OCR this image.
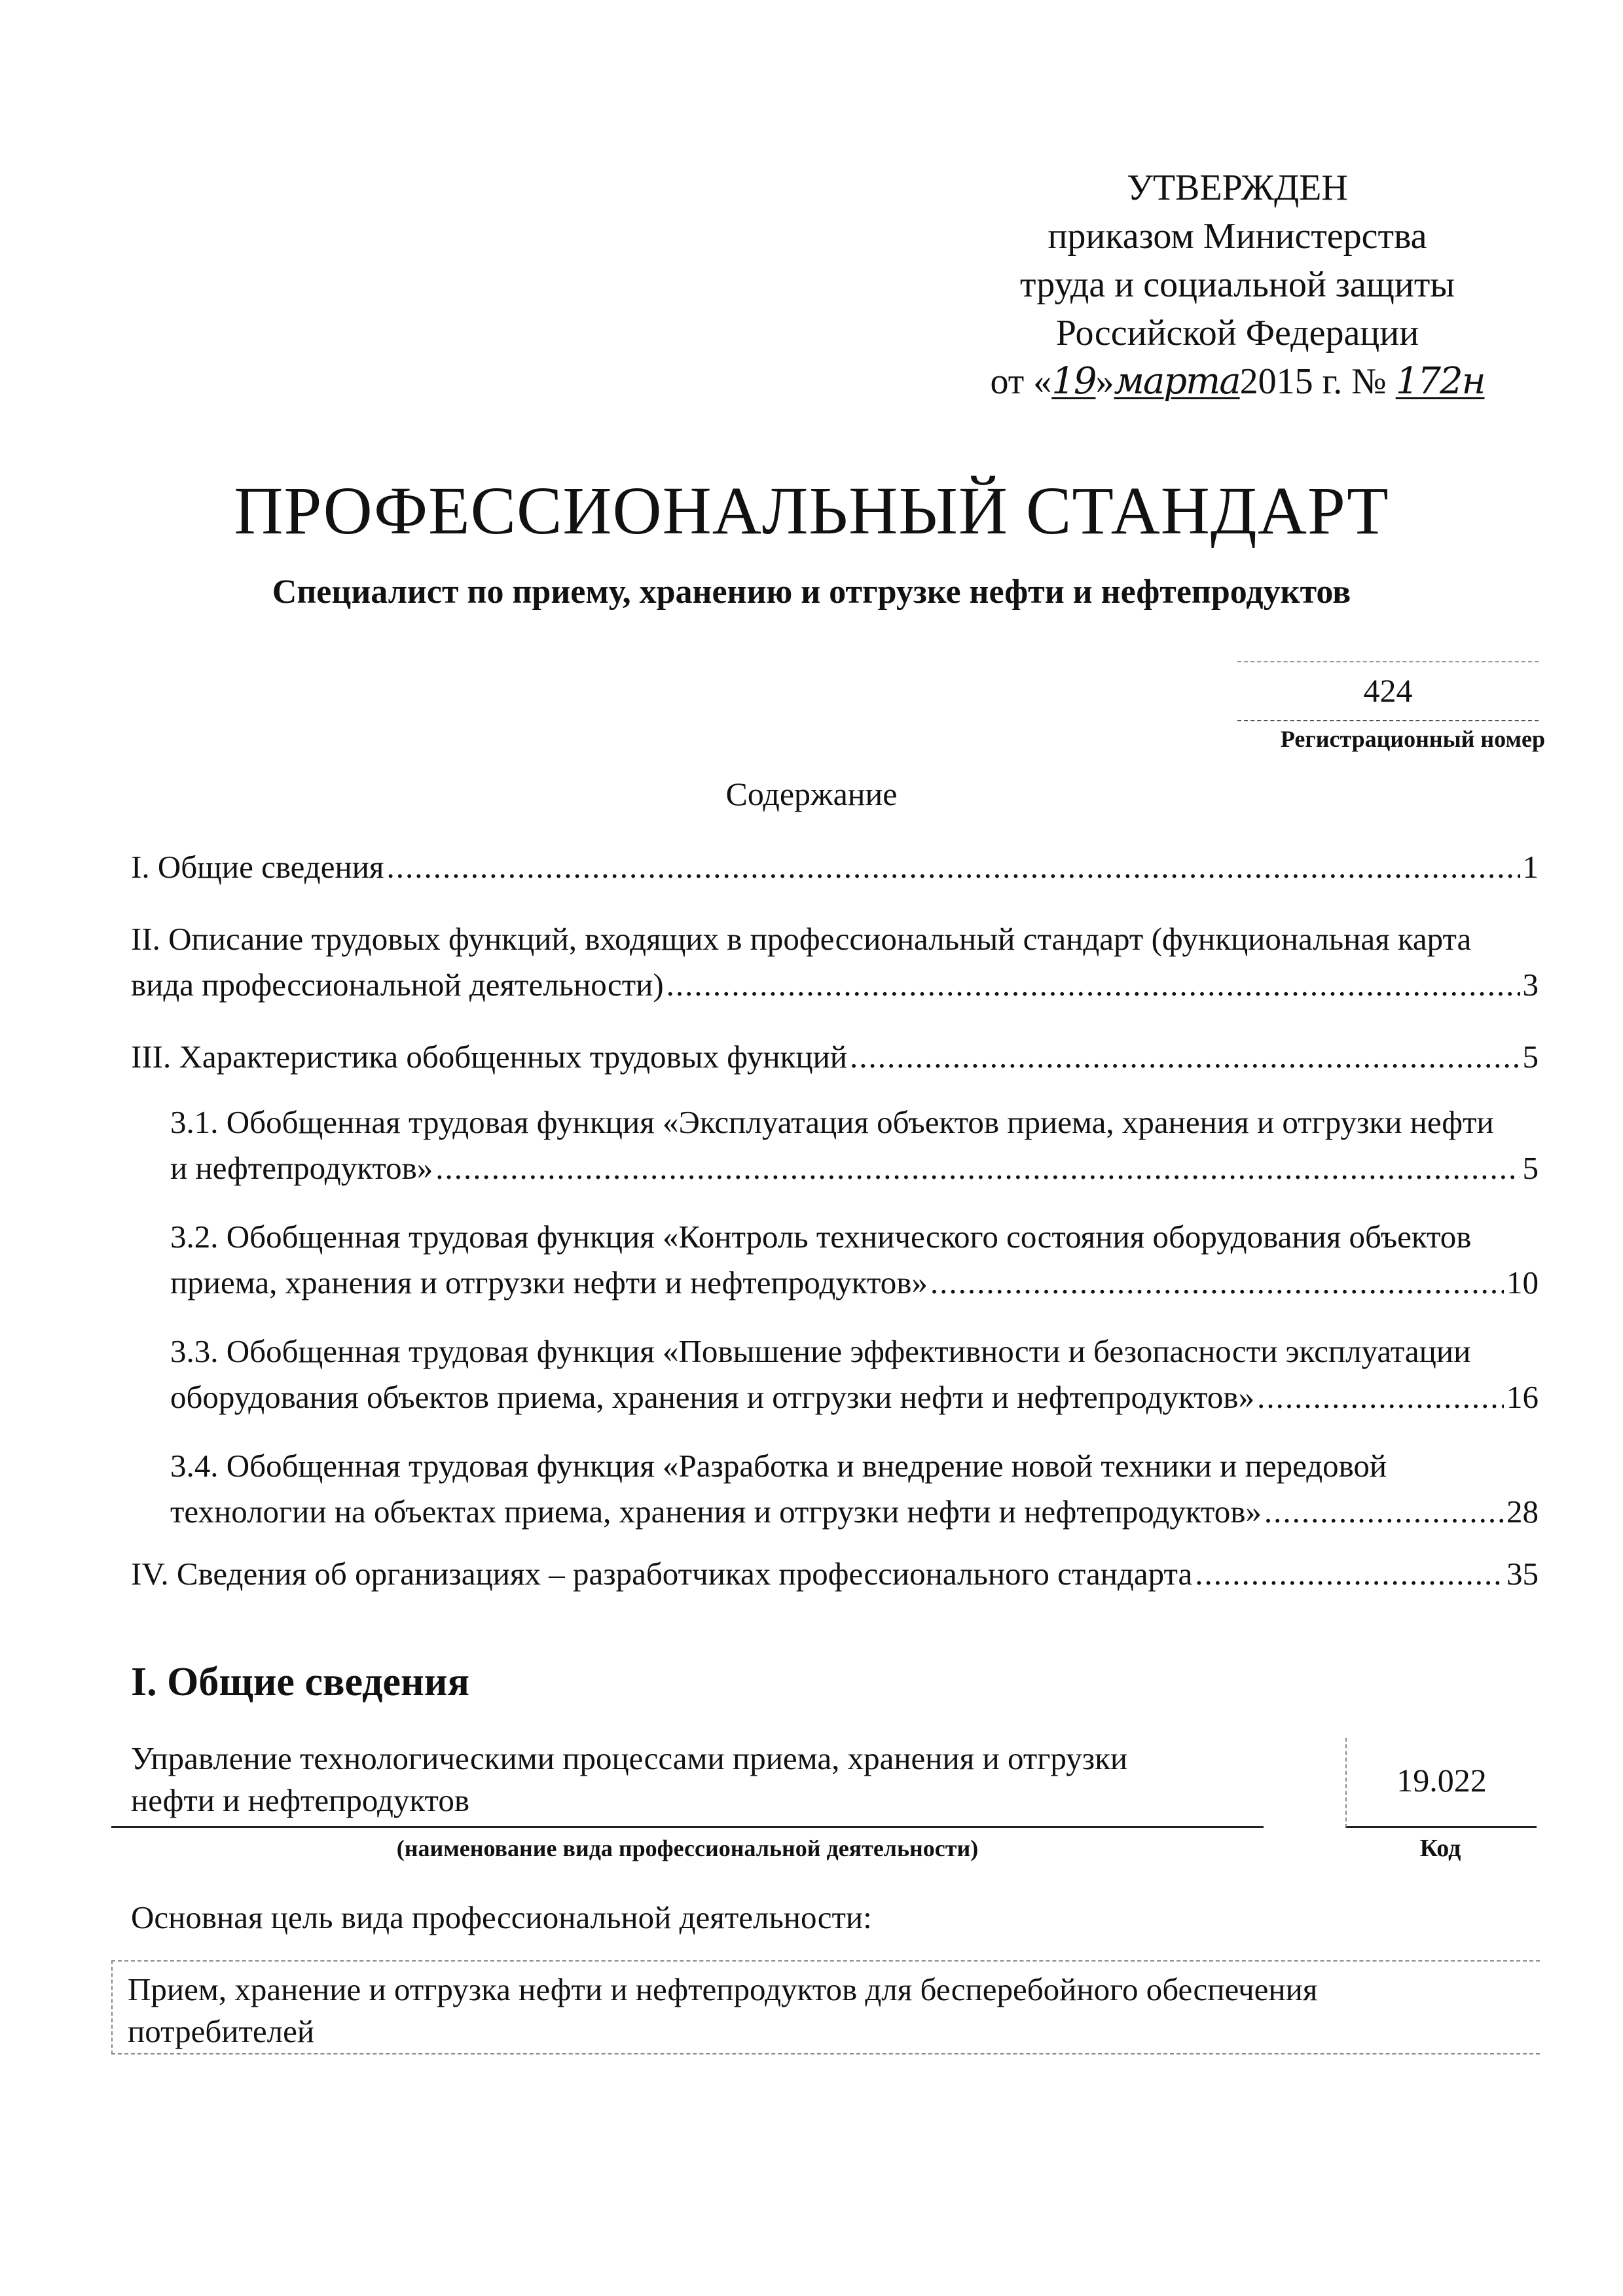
УТВЕРЖДЕН
приказом Министерства
труда и социальной защиты
Российской Федерации
от «19»марта2015 г. № 172н
ПРОФЕССИОНАЛЬНЫЙ СТАНДАРТ
Специалист по приему, хранению и отгрузке нефти и нефтепродуктов
424
Регистрационный номер
Содержание
I. Общие сведения .....	1
II. Описание трудовых функций, входящих в профессиональный стандарт (функциональная карта
вида профессиональной деятельности) .....	3
III. Характеристика обобщенных трудовых функций .....	5
3.1. Обобщенная трудовая функция «Эксплуатация объектов приема, хранения и отгрузки нефти
и нефтепродуктов» .....	5
3.2. Обобщенная трудовая функция «Контроль технического состояния оборудования объектов
приема, хранения и отгрузки нефти и нефтепродуктов» .....	10
3.3. Обобщенная трудовая функция «Повышение эффективности и безопасности эксплуатации
оборудования объектов приема, хранения и отгрузки нефти и нефтепродуктов» .....	16
3.4. Обобщенная трудовая функция «Разработка и внедрение новой техники и передовой
технологии на объектах приема, хранения и отгрузки нефти и нефтепродуктов» .....	28
IV. Сведения об организациях – разработчиках профессионального стандарта .....	35
I. Общие сведения
Управление технологическими процессами приема, хранения и отгрузки
нефти и нефтепродуктов
(наименование вида профессиональной деятельности)
19.022
Код
Основная цель вида профессиональной деятельности:
Прием, хранение и отгрузка нефти и нефтепродуктов для бесперебойного обеспечения
потребителей
